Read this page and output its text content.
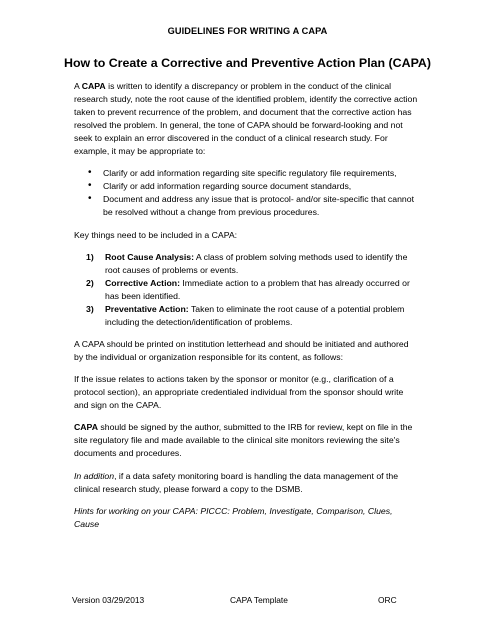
GUIDELINES FOR WRITING A CAPA
How to Create a Corrective and Preventive Action Plan (CAPA)

A CAPA is written to identify a discrepancy or problem in the conduct of the clinical research study, note the root cause of the identified problem, identify the corrective action taken to prevent recurrence of the problem, and document that the corrective action has resolved the problem. In general, the tone of CAPA should be forward-looking and not seek to explain an error discovered in the conduct of a clinical research study. For example, it may be appropriate to:

• Clarify or add information regarding site specific regulatory file requirements,
• Clarify or add information regarding source document standards,
• Document and address any issue that is protocol- and/or site-specific that cannot be resolved without a change from previous procedures.

Key things need to be included in a CAPA:

1) Root Cause Analysis: A class of problem solving methods used to identify the root causes of problems or events.
2) Corrective Action: Immediate action to a problem that has already occurred or has been identified.
3) Preventative Action: Taken to eliminate the root cause of a potential problem including the detection/identification of problems.

A CAPA should be printed on institution letterhead and should be initiated and authored by the individual or organization responsible for its content, as follows:

If the issue relates to actions taken by the sponsor or monitor (e.g., clarification of a protocol section), an appropriate credentialed individual from the sponsor should write and sign on the CAPA.

CAPA should be signed by the author, submitted to the IRB for review, kept on file in the site regulatory file and made available to the clinical site monitors reviewing the site's documents and procedures.

In addition, if a data safety monitoring board is handling the data management of the clinical research study, please forward a copy to the DSMB.

Hints for working on your CAPA: PICCC: Problem, Investigate, Comparison, Clues, Cause

Version 03/29/2013	CAPA Template	ORC
